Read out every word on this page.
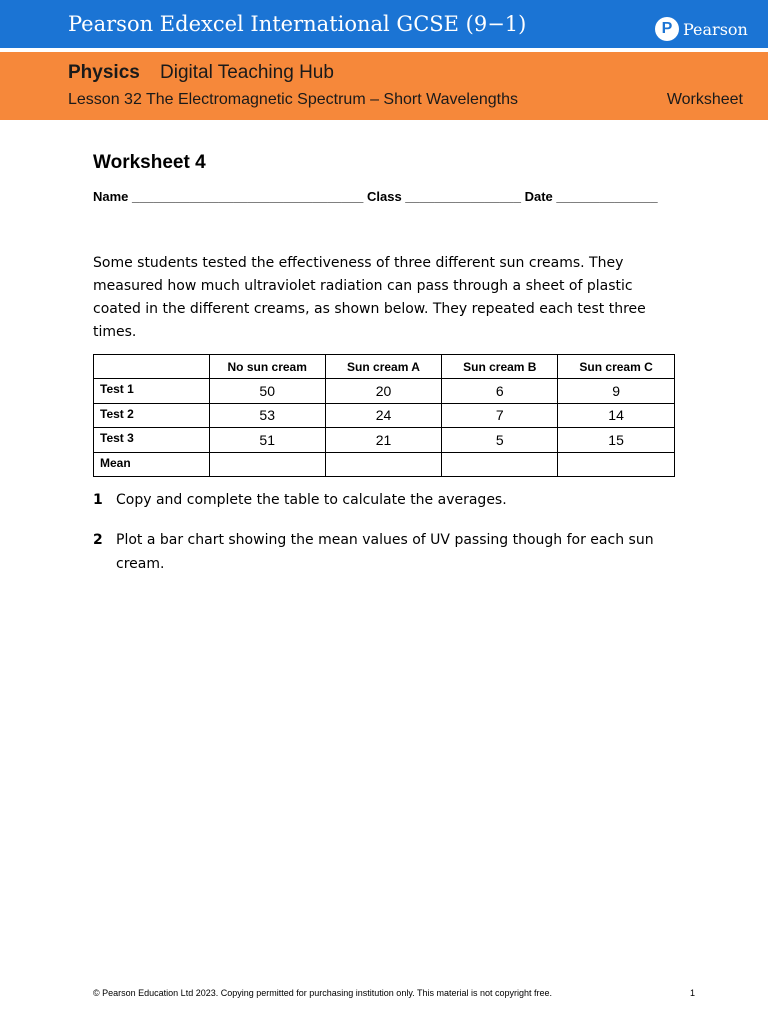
Pearson Edexcel International GCSE (9−1)	P Pearson
Physics Digital Teaching Hub
Lesson 32 The Electromagnetic Spectrum – Short Wavelengths	Worksheet
Worksheet 4
Name ________________________________ Class ________________ Date ______________

Some students tested the effectiveness of three different sun creams. They measured how much ultraviolet radiation can pass through a sheet of plastic coated in the different creams, as shown below. They repeated each test three times.

	No sun cream	Sun cream A	Sun cream B	Sun cream C
Test 1	50	20	6	9
Test 2	53	24	7	14
Test 3	51	21	5	15
Mean				
1 Copy and complete the table to calculate the averages.
2 Plot a bar chart showing the mean values of UV passing though for each sun cream.
© Pearson Education Ltd 2023. Copying permitted for purchasing institution only. This material is not copyright free.	1
